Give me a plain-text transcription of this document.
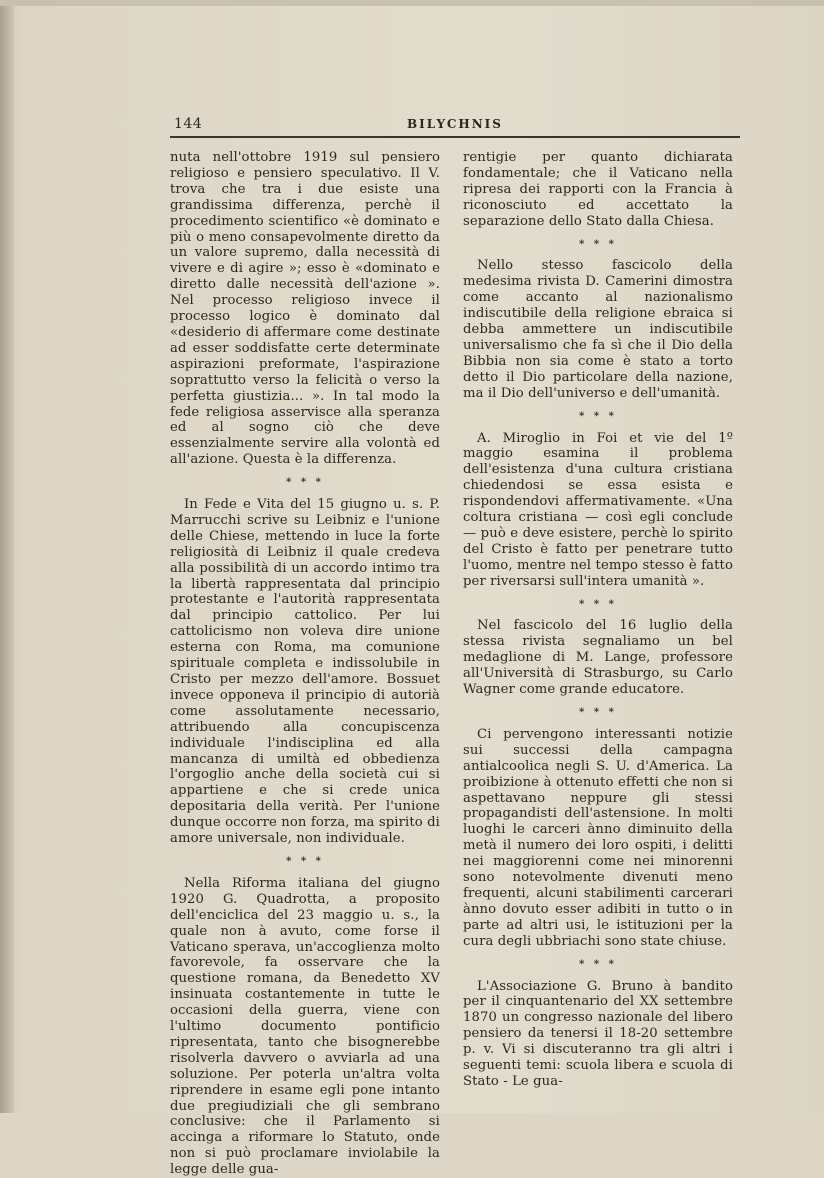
144	BILYCHNIS

nuta nell'ottobre 1919 sul pensiero religioso e pensiero speculativo. Il V. trova che tra i due esiste una grandissima differenza, perchè il procedimento scientifico «è dominato e più o meno consapevolmente diretto da un valore supremo, dalla necessità di vivere e di agire »; esso è «dominato e diretto dalle necessità dell'azione ». Nel processo religioso invece il processo logico è dominato dal «desiderio di affermare come destinate ad esser soddisfatte certe determinate aspirazioni preformate, l'aspirazione soprattutto verso la felicità o verso la perfetta giustizia... ». In tal modo la fede religiosa asservisce alla speranza ed al sogno ciò che deve essenzialmente servire alla volontà ed all'azione. Questa è la differenza.

* * *

In Fede e Vita del 15 giugno u. s. P. Marrucchi scrive su Leibniz e l'unione delle Chiese, mettendo in luce la forte religiosità di Leibniz il quale credeva alla possibilità di un accordo intimo tra la libertà rappresentata dal principio protestante e l'autorità rappresentata dal principio cattolico. Per lui cattolicismo non voleva dire unione esterna con Roma, ma comunione spirituale completa e indissolubile in Cristo per mezzo dell'amore. Bossuet invece opponeva il principio di autorià come assolutamente necessario, attribuendo alla concupiscenza individuale l'indisciplina ed alla mancanza di umiltà ed obbedienza l'orgoglio anche della società cui si appartiene e che si crede unica depositaria della verità. Per l'unione dunque occorre non forza, ma spirito di amore universale, non individuale.

* * *

Nella Riforma italiana del giugno 1920 G. Quadrotta, a proposito dell'enciclica del 23 maggio u. s., la quale non à avuto, come forse il Vaticano sperava, un'accoglienza molto favorevole, fa osservare che la questione romana, da Benedetto XV insinuata costantemente in tutte le occasioni della guerra, viene con l'ultimo documento pontificio ripresentata, tanto che bisognerebbe risolverla davvero o avviarla ad una soluzione. Per poterla un'altra volta riprendere in esame egli pone intanto due pregiudiziali che gli sembrano conclusive: che il Parlamento si accinga a riformare lo Statuto, onde non si può proclamare inviolabile la legge delle gua-

rentigie per quanto dichiarata fondamentale; che il Vaticano nella ripresa dei rapporti con la Francia à riconosciuto ed accettato la separazione dello Stato dalla Chiesa.

* * *

Nello stesso fascicolo della medesima rivista D. Camerini dimostra come accanto al nazionalismo indiscutibile della religione ebraica si debba ammettere un indiscutibile universalismo che fa sì che il Dio della Bibbia non sia come è stato a torto detto il Dio particolare della nazione, ma il Dio dell'universo e dell'umanità.

* * *

A. Miroglio in Foi et vie del 1º maggio esamina il problema dell'esistenza d'una cultura cristiana chiedendosi se essa esista e rispondendovi affermativamente. «Una coltura cristiana — così egli conclude — può e deve esistere, perchè lo spirito del Cristo è fatto per penetrare tutto l'uomo, mentre nel tempo stesso è fatto per riversarsi sull'intera umanità ».

* * *

Nel fascicolo del 16 luglio della stessa rivista segnaliamo un bel medaglione di M. Lange, professore all'Università di Strasburgo, su Carlo Wagner come grande educatore.

* * *

Ci pervengono interessanti notizie sui successi della campagna antialcoolica negli S. U. d'America. La proibizione à ottenuto effetti che non si aspettavano neppure gli stessi propagandisti dell'astensione. In molti luoghi le carceri ànno diminuito della metà il numero dei loro ospiti, i delitti nei maggiorenni come nei minorenni sono notevolmente divenuti meno frequenti, alcuni stabilimenti carcerari ànno dovuto esser adibiti in tutto o in parte ad altri usi, le istituzioni per la cura degli ubbriachi sono state chiuse.

* * *

L'Associazione G. Bruno à bandito per il cinquantenario del XX settembre 1870 un congresso nazionale del libero pensiero da tenersi il 18-20 settembre p. v. Vi si discuteranno tra gli altri i seguenti temi: scuola libera e scuola di Stato - Le gua-
